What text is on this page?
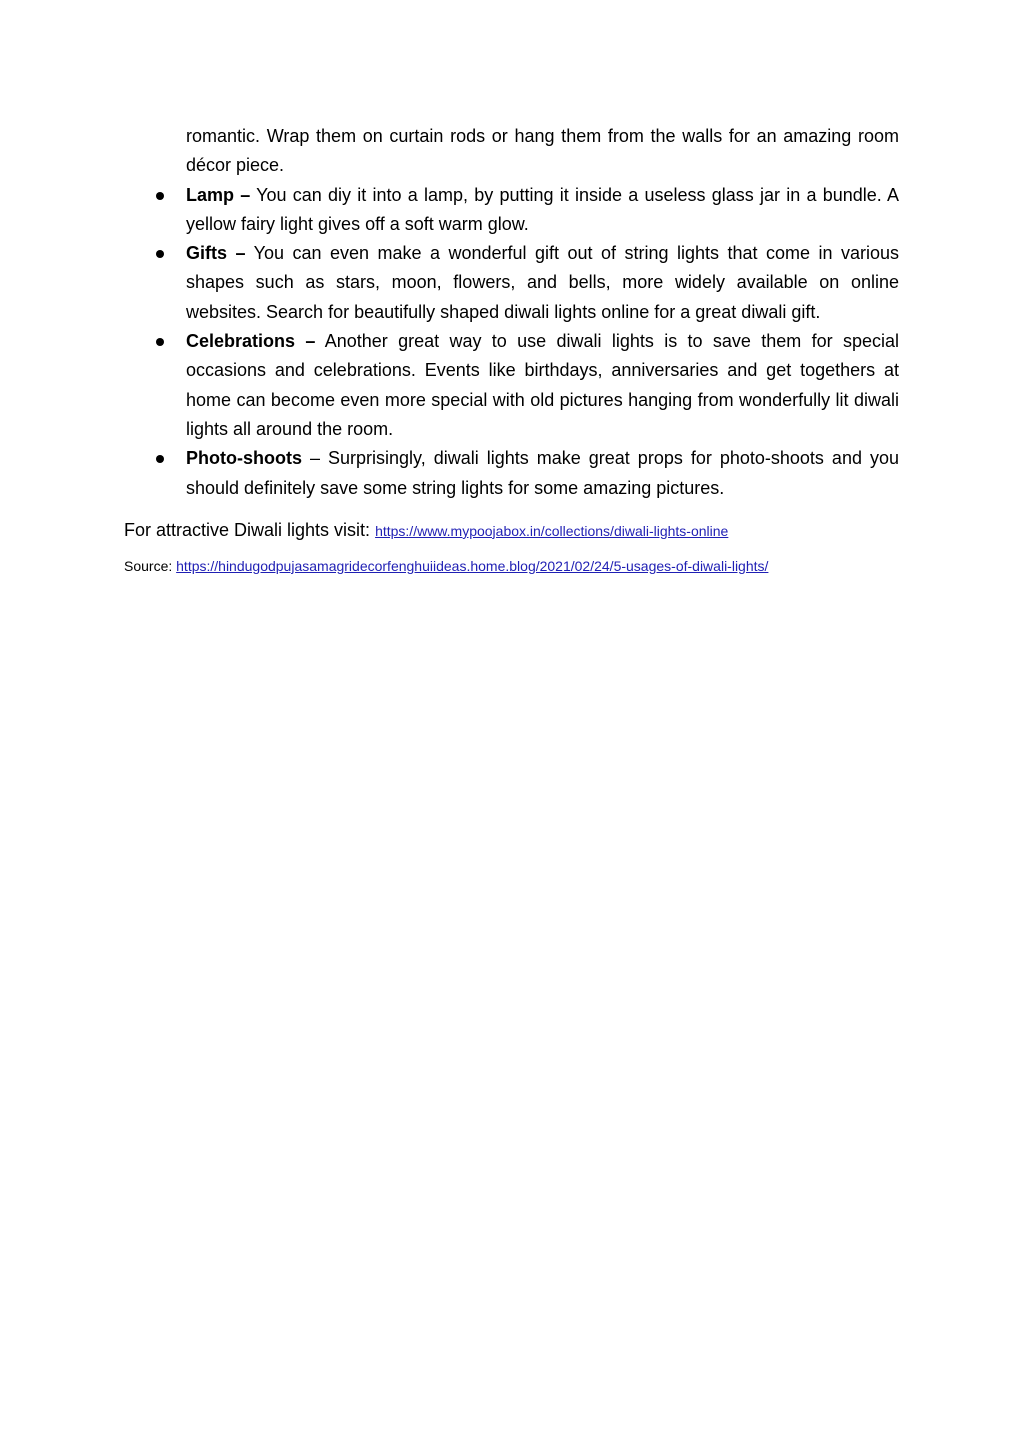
romantic. Wrap them on curtain rods or hang them from the walls for an amazing room décor piece.

Lamp – You can diy it into a lamp, by putting it inside a useless glass jar in a bundle. A yellow fairy light gives off a soft warm glow.
Gifts – You can even make a wonderful gift out of string lights that come in various shapes such as stars, moon, flowers, and bells, more widely available on online websites. Search for beautifully shaped diwali lights online for a great diwali gift.
Celebrations – Another great way to use diwali lights is to save them for special occasions and celebrations. Events like birthdays, anniversaries and get togethers at home can become even more special with old pictures hanging from wonderfully lit diwali lights all around the room.
Photo-shoots – Surprisingly, diwali lights make great props for photo-shoots and you should definitely save some string lights for some amazing pictures.
For attractive Diwali lights visit: https://www.mypoojabox.in/collections/diwali-lights-online
Source: https://hindugodpujasamagridecorfenghuiideas.home.blog/2021/02/24/5-usages-of-diwali-lights/
